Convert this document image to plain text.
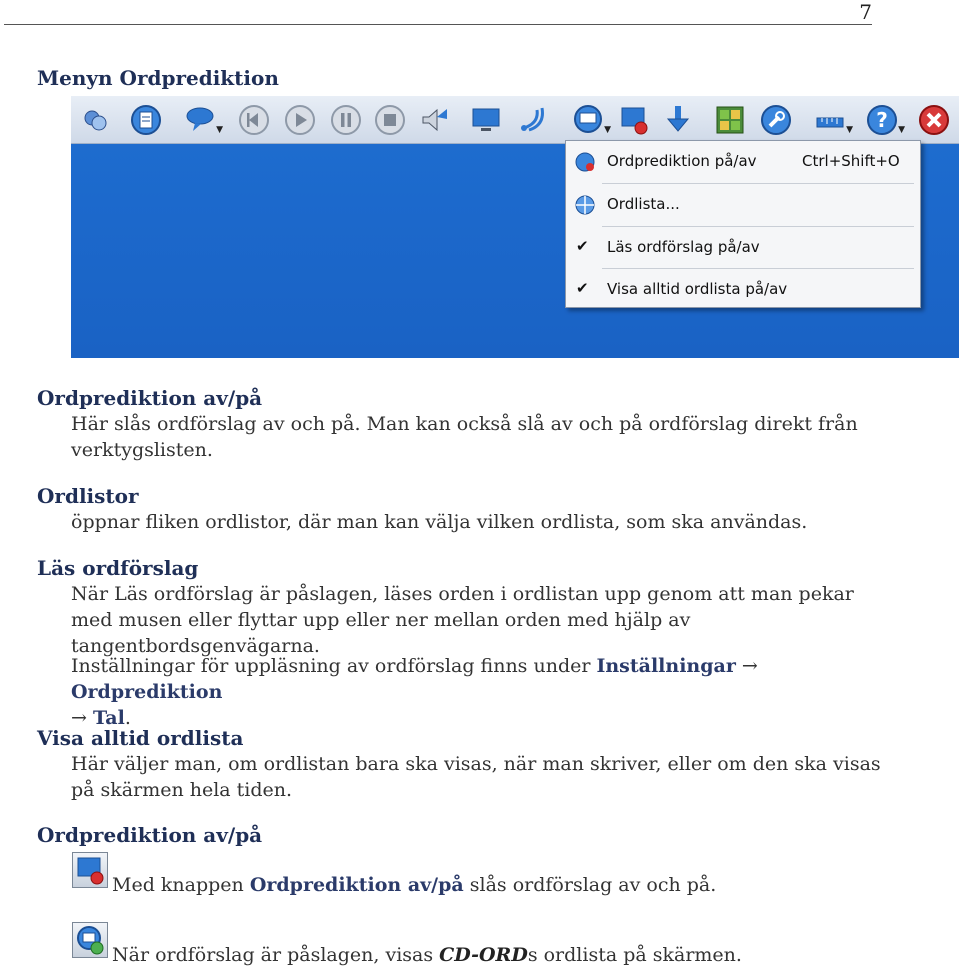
7
Menyn Ordprediktion
▼	▼	▼ ? ▼
Ordprediktion på/av	Ctrl+Shift+O
Ordlista...
✔ Läs ordförslag på/av
✔ Visa alltid ordlista på/av
Ordprediktion av/på
Här slås ordförslag av och på. Man kan också slå av och på ordförslag direkt från verktygslisten.
Ordlistor
öppnar fliken ordlistor, där man kan välja vilken ordlista, som ska användas.
Läs ordförslag
När Läs ordförslag är påslagen, läses orden i ordlistan upp genom att man pekar med musen eller flyttar upp eller ner mellan orden med hjälp av tangentbordsgenvägarna.
Inställningar för uppläsning av ordförslag finns under Inställningar → Ordprediktion
→ Tal.
Visa alltid ordlista
Här väljer man, om ordlistan bara ska visas, när man skriver, eller om den ska visas på skärmen hela tiden.
Ordprediktion av/på
Med knappen Ordprediktion av/på slås ordförslag av och på.
När ordförslag är påslagen, visas CD-ORDs ordlista på skärmen.
